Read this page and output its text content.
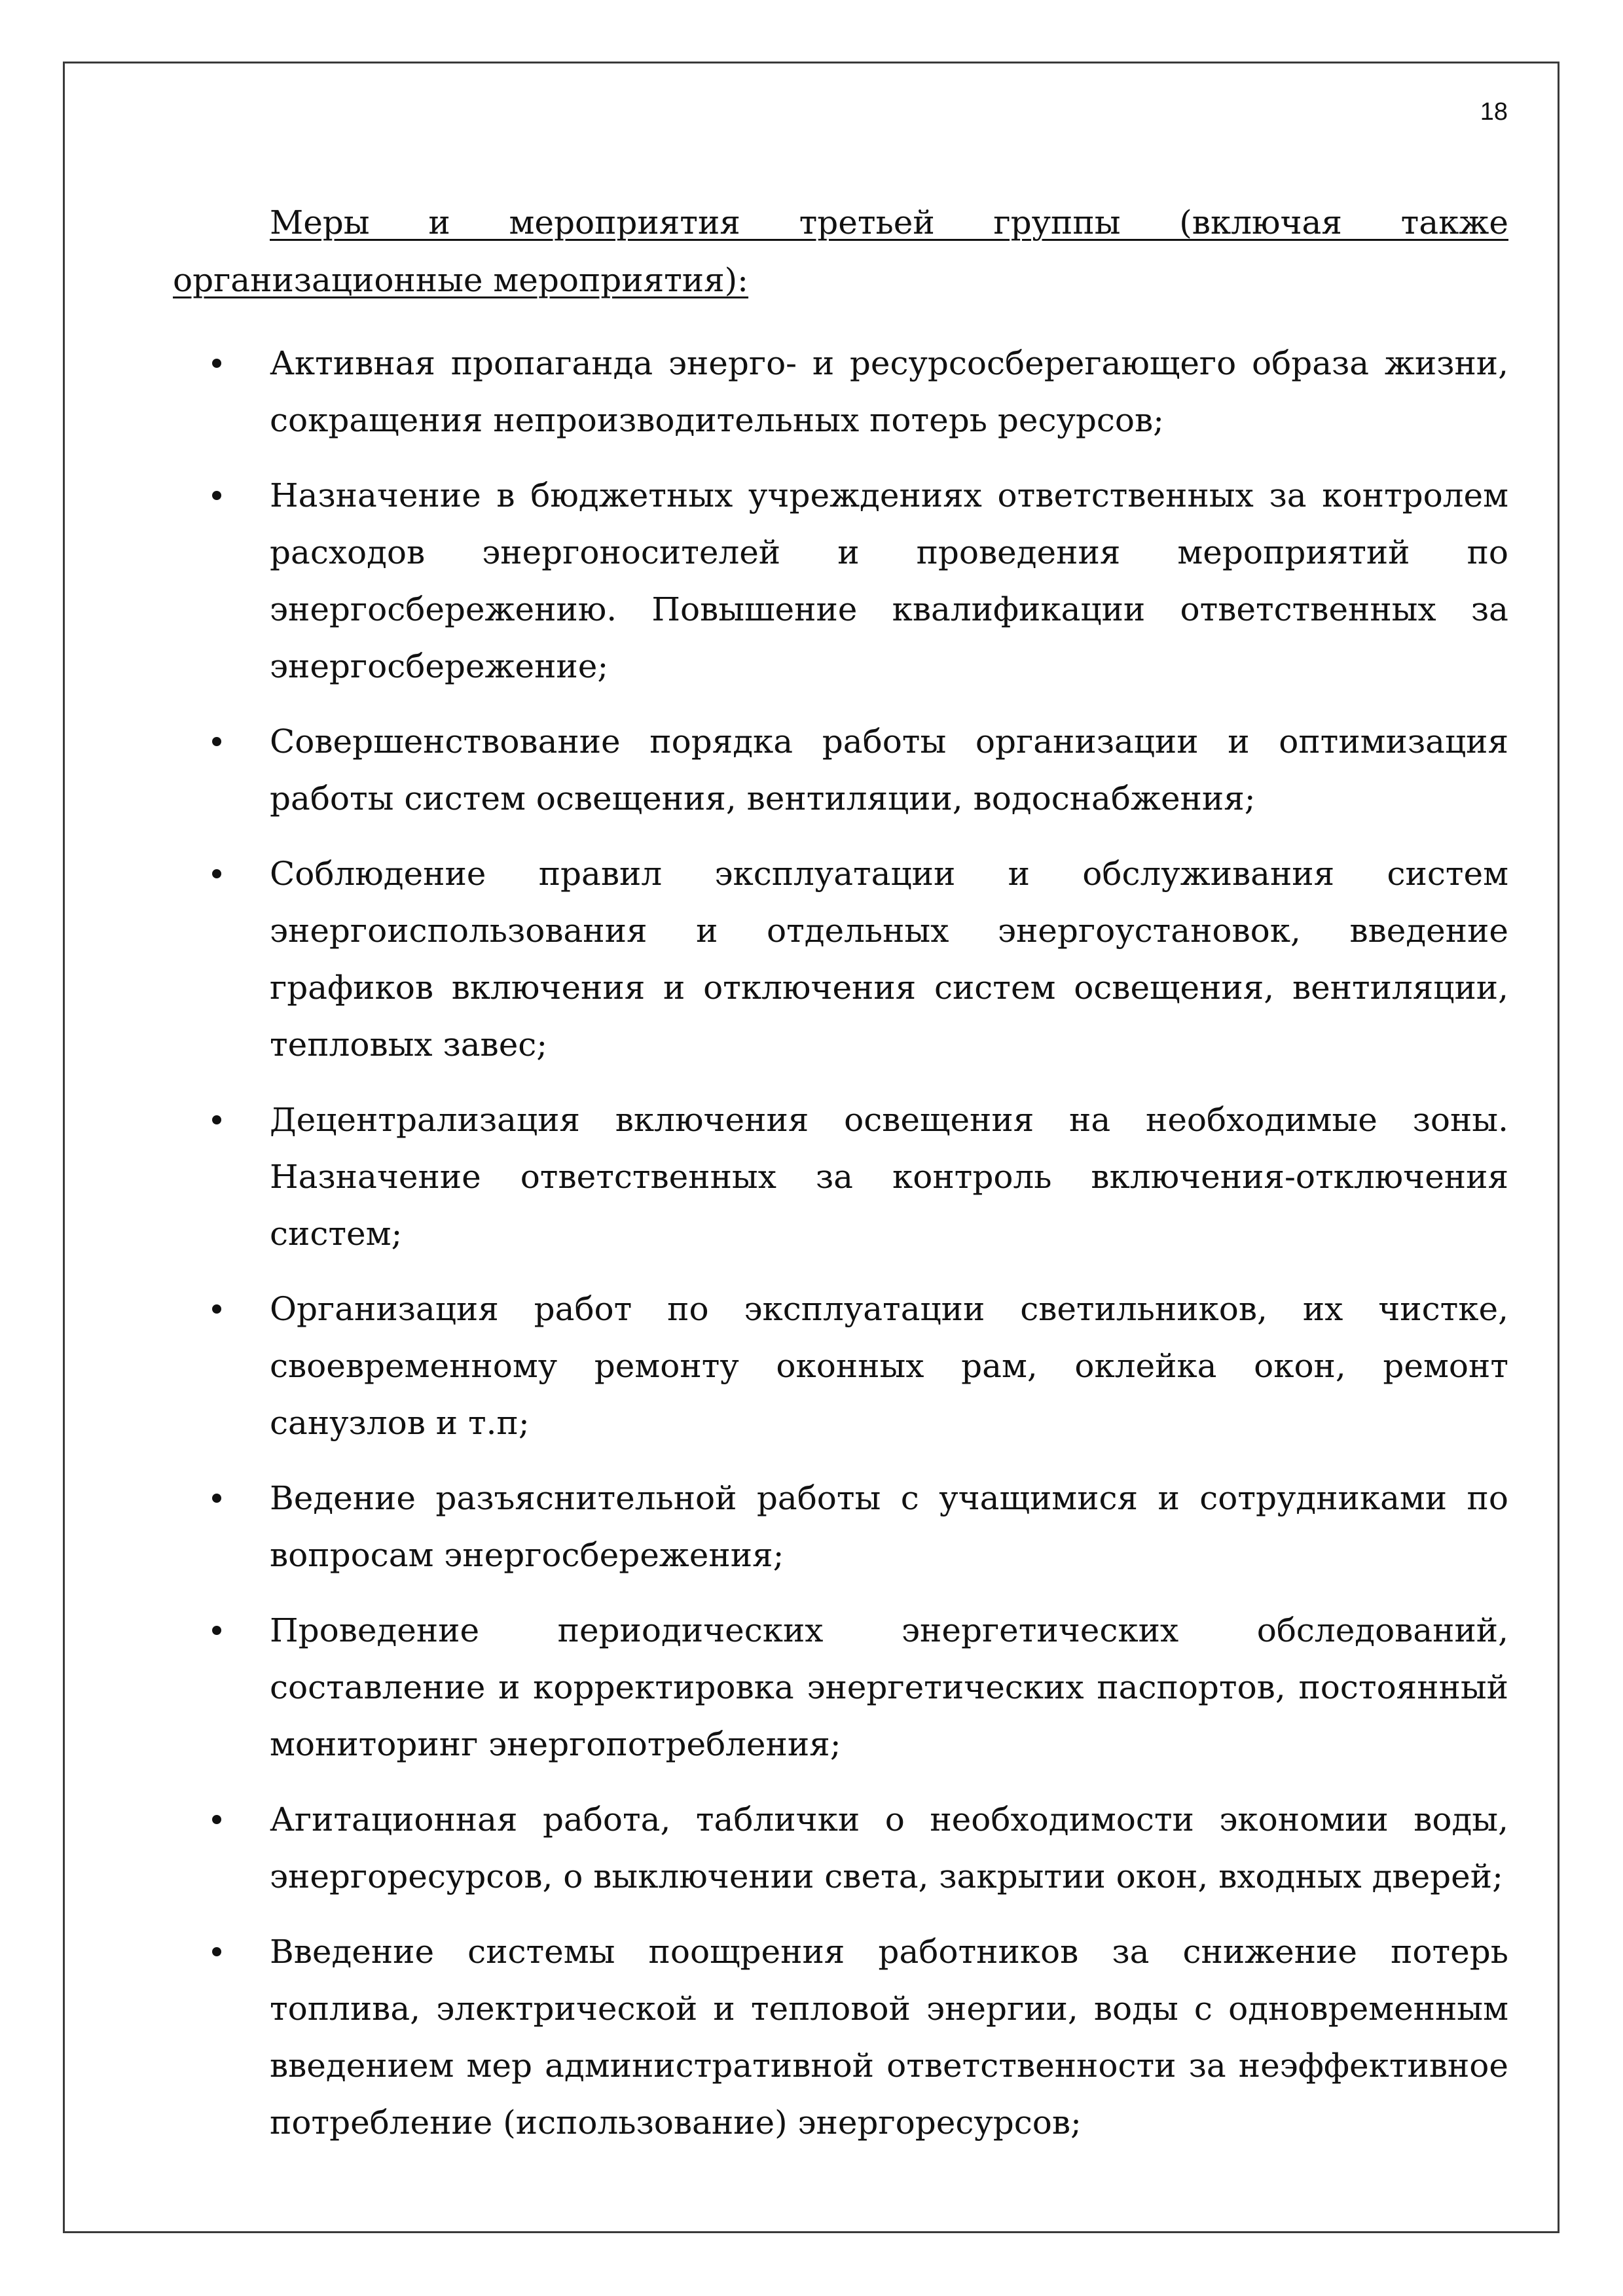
18

Меры и мероприятия третьей группы (включая также организационные мероприятия):

Активная пропаганда энерго- и ресурсосберегающего образа жизни, сокращения непроизводительных потерь ресурсов;
Назначение в бюджетных учреждениях ответственных за контролем расходов энергоносителей и проведения мероприятий по энергосбережению. Повышение квалификации ответственных за энергосбережение;
Совершенствование порядка работы организации и оптимизация работы систем освещения, вентиляции, водоснабжения;
Соблюдение правил эксплуатации и обслуживания систем энергоиспользования и отдельных энергоустановок, введение графиков включения и отключения систем освещения, вентиляции, тепловых завес;
Децентрализация включения освещения на необходимые зоны. Назначение ответственных за контроль включения-отключения систем;
Организация работ по эксплуатации светильников, их чистке, своевременному ремонту оконных рам, оклейка окон, ремонт санузлов и т.п;
Ведение разъяснительной работы с учащимися и сотрудниками по вопросам энергосбережения;
Проведение периодических энергетических обследований, составление и корректировка энергетических паспортов, постоянный мониторинг энергопотребления;
Агитационная работа, таблички о необходимости экономии воды, энергоресурсов, о выключении света, закрытии окон, входных дверей;
Введение системы поощрения работников за снижение потерь топлива, электрической и тепловой энергии, воды с одновременным введением мер административной ответственности за неэффективное потребление (использование) энергоресурсов;
